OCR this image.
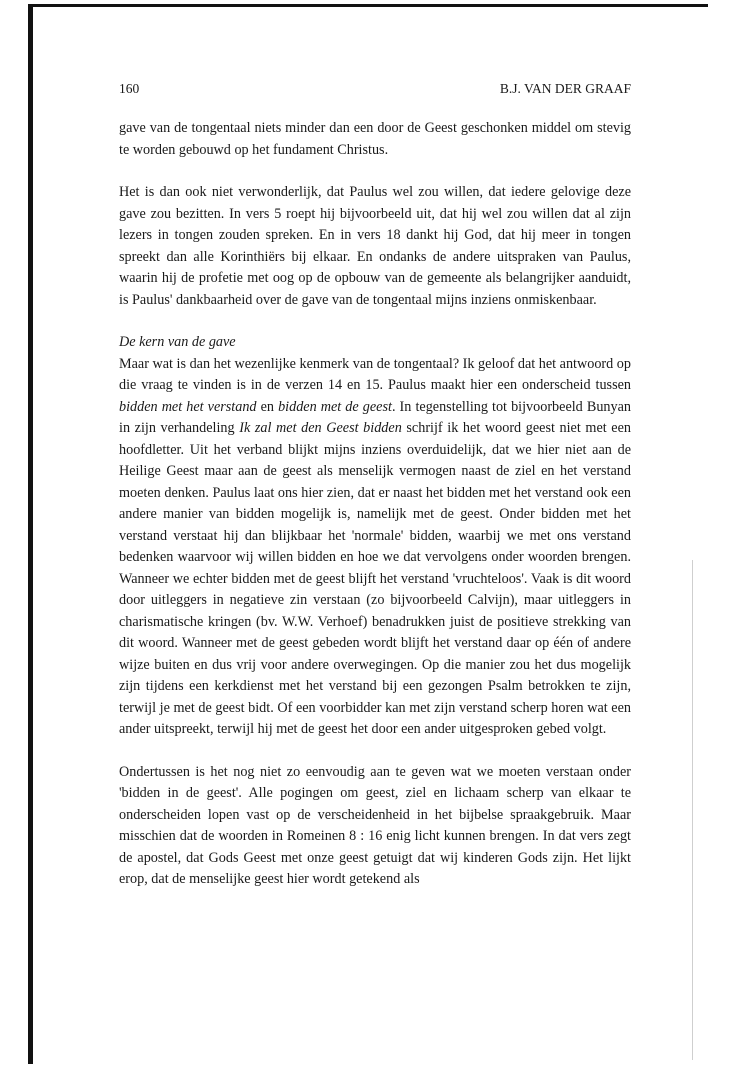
160	B.J. VAN DER GRAAF

gave van de tongentaal niets minder dan een door de Geest geschonken middel om stevig te worden gebouwd op het fundament Christus.

Het is dan ook niet verwonderlijk, dat Paulus wel zou willen, dat iedere gelovige deze gave zou bezitten. In vers 5 roept hij bijvoorbeeld uit, dat hij wel zou willen dat al zijn lezers in tongen zouden spreken. En in vers 18 dankt hij God, dat hij meer in tongen spreekt dan alle Korinthiërs bij elkaar. En ondanks de andere uitspraken van Paulus, waarin hij de profetie met oog op de opbouw van de gemeente als belangrijker aanduidt, is Paulus' dankbaarheid over de gave van de tongentaal mijns inziens onmiskenbaar.

De kern van de gave

Maar wat is dan het wezenlijke kenmerk van de tongentaal? Ik geloof dat het antwoord op die vraag te vinden is in de verzen 14 en 15. Paulus maakt hier een onderscheid tussen bidden met het verstand en bidden met de geest. In tegenstelling tot bijvoorbeeld Bunyan in zijn verhandeling Ik zal met den Geest bidden schrijf ik het woord geest niet met een hoofdletter. Uit het verband blijkt mijns inziens overduidelijk, dat we hier niet aan de Heilige Geest maar aan de geest als menselijk vermogen naast de ziel en het verstand moeten denken. Paulus laat ons hier zien, dat er naast het bidden met het verstand ook een andere manier van bidden mogelijk is, namelijk met de geest. Onder bidden met het verstand verstaat hij dan blijkbaar het 'normale' bidden, waarbij we met ons verstand bedenken waarvoor wij willen bidden en hoe we dat vervolgens onder woorden brengen. Wanneer we echter bidden met de geest blijft het verstand 'vruchteloos'. Vaak is dit woord door uitleggers in negatieve zin verstaan (zo bijvoorbeeld Calvijn), maar uitleggers in charismatische kringen (bv. W.W. Verhoef) benadrukken juist de positieve strekking van dit woord. Wanneer met de geest gebeden wordt blijft het verstand daar op één of andere wijze buiten en dus vrij voor andere overwegingen. Op die manier zou het dus mogelijk zijn tijdens een kerkdienst met het verstand bij een gezongen Psalm betrokken te zijn, terwijl je met de geest bidt. Of een voorbidder kan met zijn verstand scherp horen wat een ander uitspreekt, terwijl hij met de geest het door een ander uitgesproken gebed volgt.

Ondertussen is het nog niet zo eenvoudig aan te geven wat we moeten verstaan onder 'bidden in de geest'. Alle pogingen om geest, ziel en lichaam scherp van elkaar te onderscheiden lopen vast op de verscheidenheid in het bijbelse spraakgebruik. Maar misschien dat de woorden in Romeinen 8 : 16 enig licht kunnen brengen. In dat vers zegt de apostel, dat Gods Geest met onze geest getuigt dat wij kinderen Gods zijn. Het lijkt erop, dat de menselijke geest hier wordt getekend als
